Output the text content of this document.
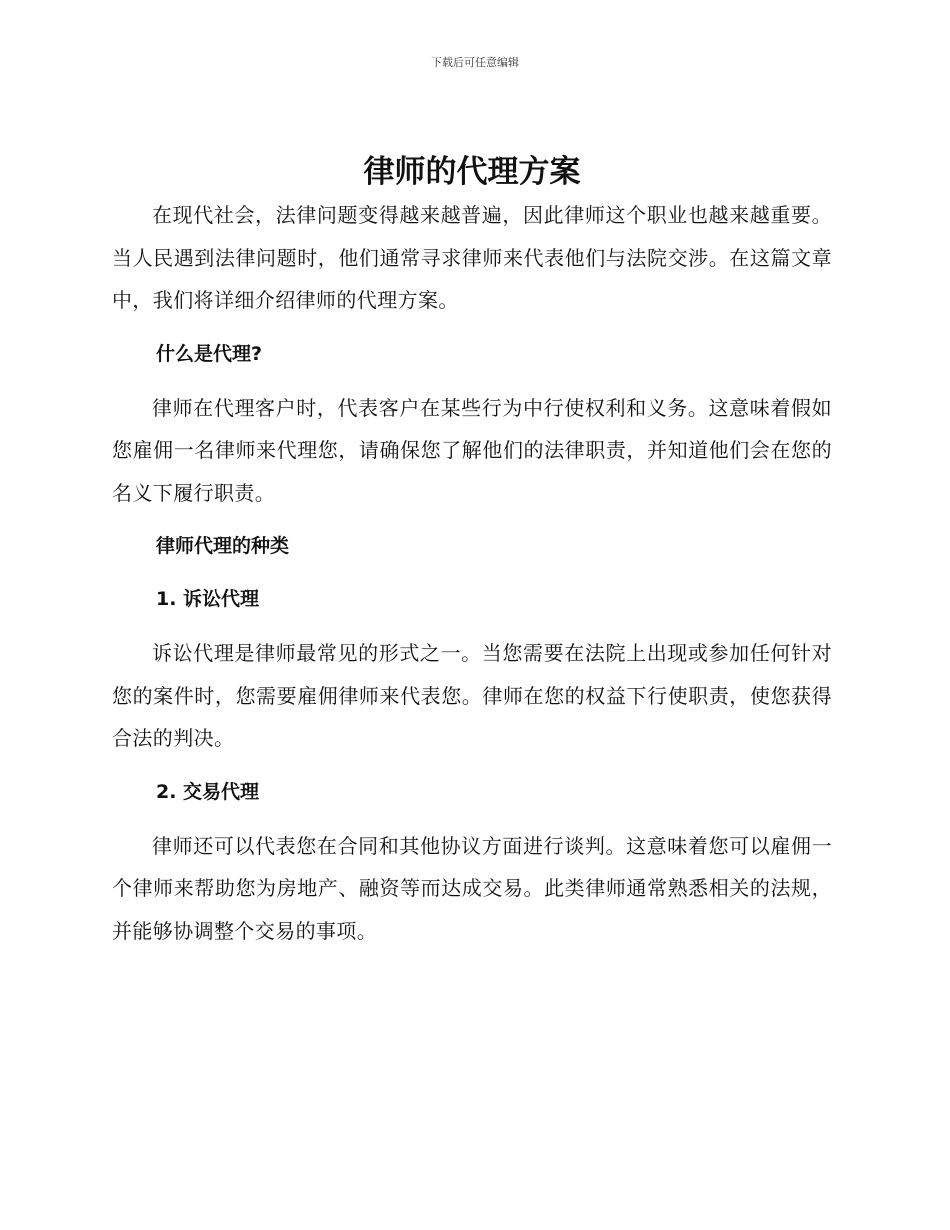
下载后可任意编辑
律师的代理方案

在现代社会，法律问题变得越来越普遍，因此律师这个职业也越来越重要。当人民遇到法律问题时，他们通常寻求律师来代表他们与法院交涉。在这篇文章中，我们将详细介绍律师的代理方案。

什么是代理?

律师在代理客户时，代表客户在某些行为中行使权利和义务。这意味着假如您雇佣一名律师来代理您，请确保您了解他们的法律职责，并知道他们会在您的名义下履行职责。

律师代理的种类
1. 诉讼代理

诉讼代理是律师最常见的形式之一。当您需要在法院上出现或参加任何针对您的案件时，您需要雇佣律师来代表您。律师在您的权益下行使职责，使您获得合法的判决。

2. 交易代理

律师还可以代表您在合同和其他协议方面进行谈判。这意味着您可以雇佣一个律师来帮助您为房地产、融资等而达成交易。此类律师通常熟悉相关的法规，并能够协调整个交易的事项。
